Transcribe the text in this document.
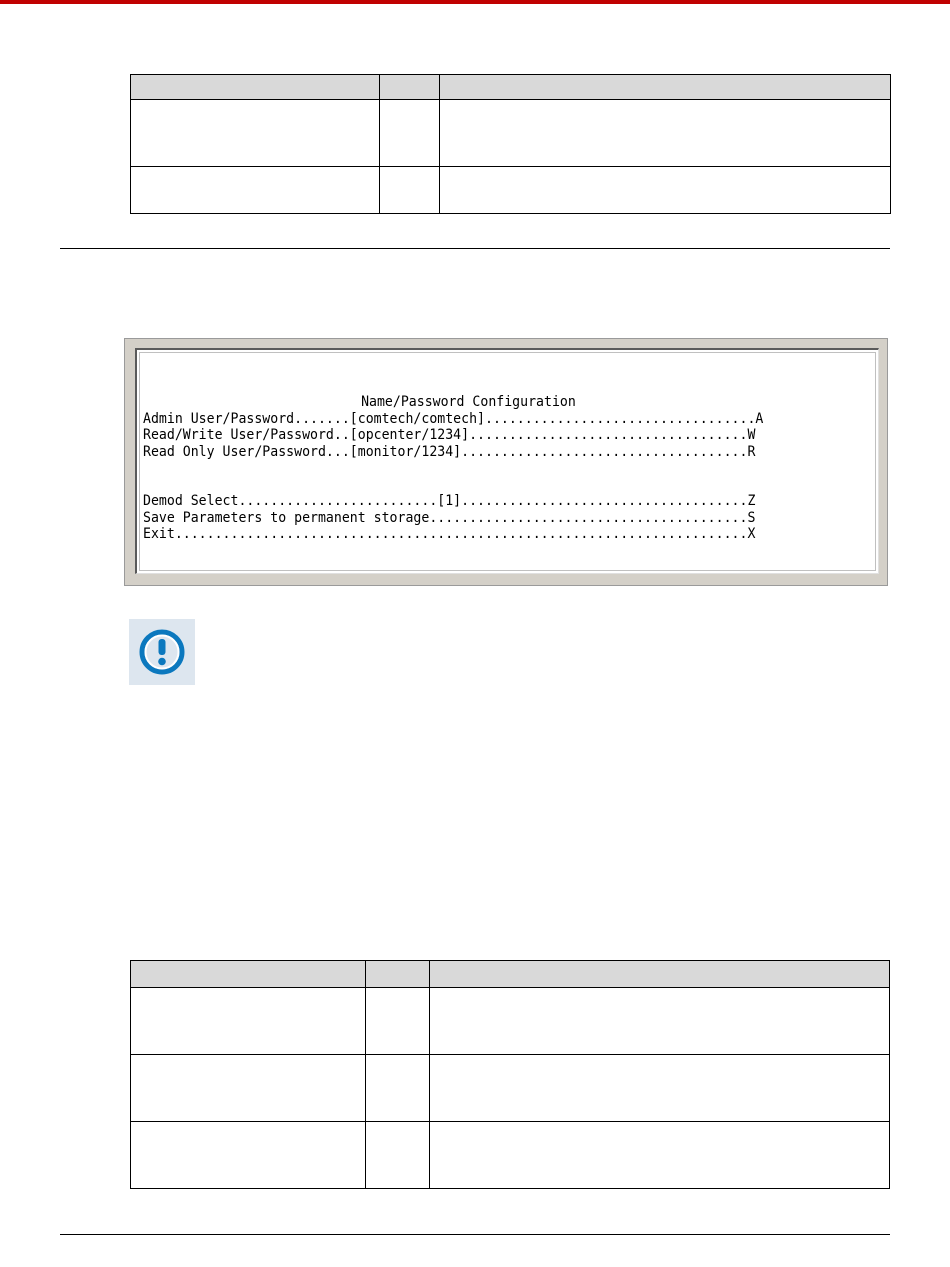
Name/Password Configuration
Admin User/Password.......[comtech/comtech]..................................A
Read/Write User/Password..[opcenter/1234]...................................W
Read Only User/Password...[monitor/1234]....................................R
Demod Select.........................[1]....................................Z
Save Parameters to permanent storage........................................S
Exit........................................................................X
